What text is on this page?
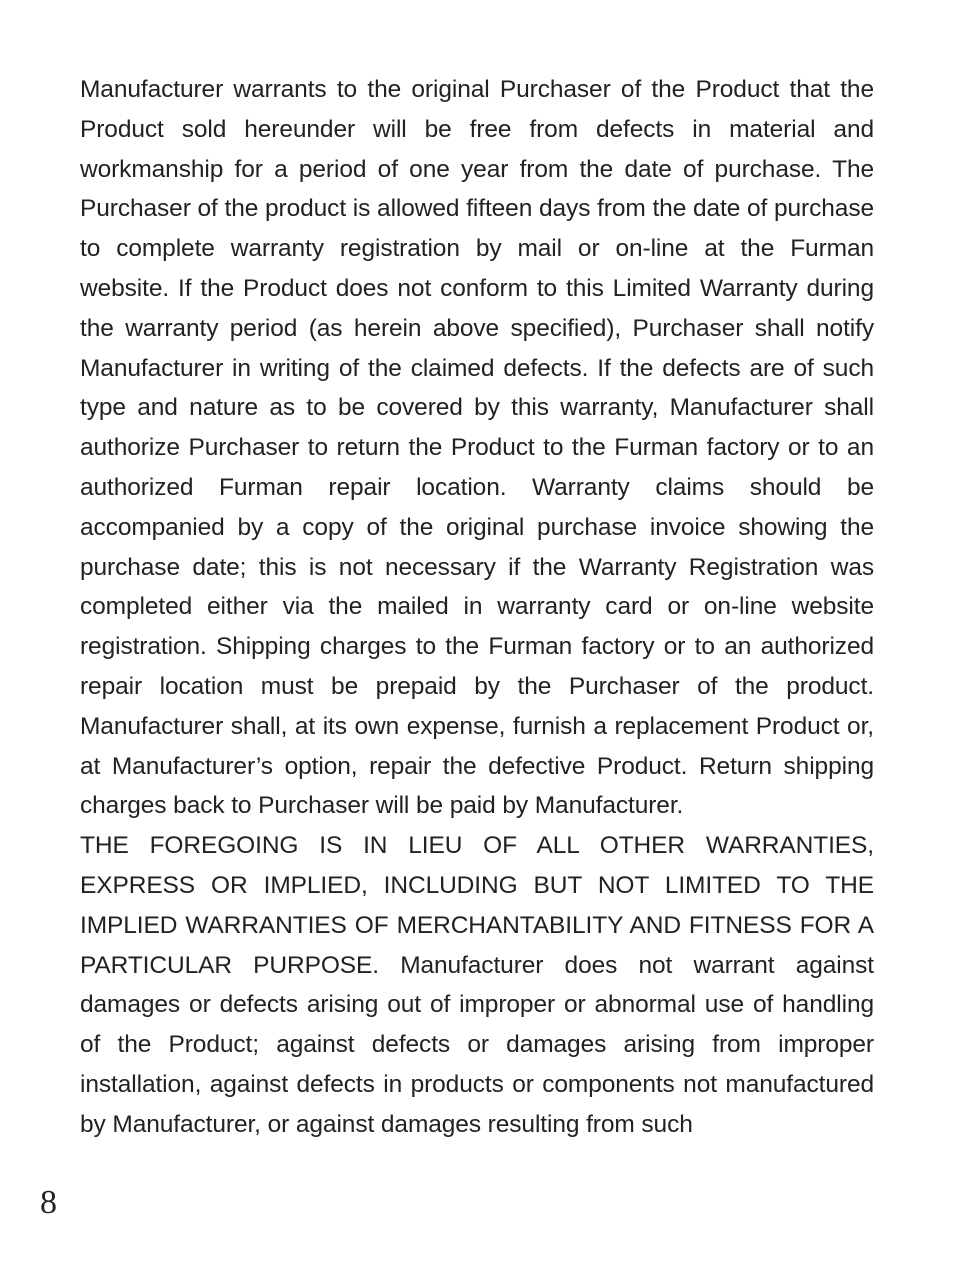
Manufacturer warrants to the original Purchaser of the Product that the Product sold hereunder will be free from defects in material and workmanship for a period of one year from the date of purchase. The Purchaser of the product is allowed fifteen days from the date of purchase to complete warranty registration by mail or on-line at the Furman website. If the Product does not conform to this Limited Warranty during the warranty period (as herein above specified), Purchaser shall notify Manufacturer in writing of the claimed defects. If the defects are of such type and nature as to be covered by this warranty, Manufacturer shall authorize Purchaser to return the Product to the Furman factory or to an authorized Furman repair location. Warranty claims should be accompanied by a copy of the original purchase invoice showing the purchase date; this is not necessary if the Warranty Registration was completed either via the mailed in warranty card or on-line website registration. Shipping charges to the Furman factory or to an authorized repair location must be prepaid by the Purchaser of the product. Manufacturer shall, at its own expense, furnish a replacement Product or, at Manufacturer’s option, repair the defective Product. Return shipping charges back to Purchaser will be paid by Manufacturer.

THE FOREGOING IS IN LIEU OF ALL OTHER WARRANTIES, EXPRESS OR IMPLIED, INCLUDING BUT NOT LIMITED TO THE IMPLIED WARRANTIES OF MERCHANTABILITY AND FITNESS FOR A PARTICULAR PURPOSE. Manufacturer does not warrant against damages or defects arising out of improper or abnormal use of handling of the Product; against defects or damages arising from improper installation, against defects in products or components not manufactured by Manufacturer, or against damages resulting from such

8
